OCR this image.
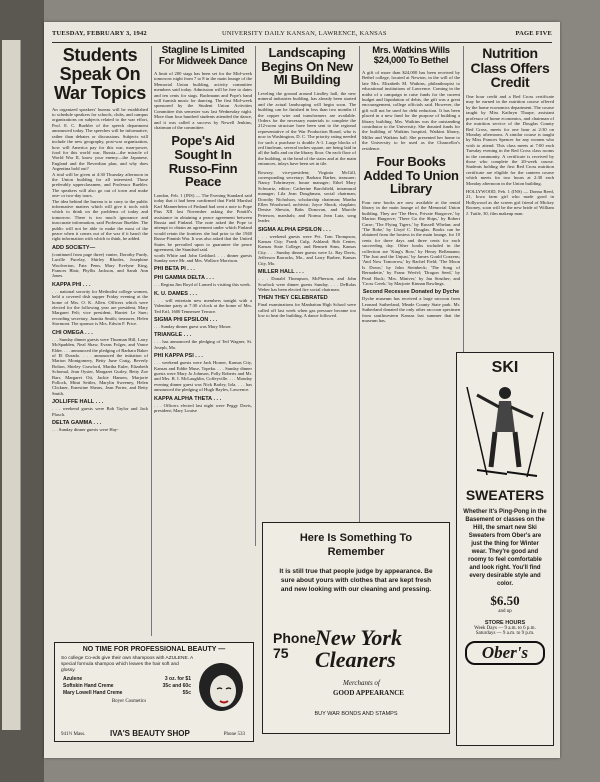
TUESDAY, FEBRUARY 3, 1942	UNIVERSITY DAILY KANSAN, LAWRENCE, KANSAS	PAGE FIVE
Students Speak On War Topics

An organized speakers' bureau will be established to schedule speakers for schools, clubs, and campus organizations on subjects related to the war effort, Prof. E. C. Buehler of the speech department announced today. The speeches will be informative, rather than debates or discussions. Subjects will include the new geography, post-war organization, how will America pay for this war, man-power, food for this world war, Russia—the miracle of World War II, know your enemy—the Japanese, England and the Reverdian plan, and why does Argentina hold out?

A trial will be given at 4:30 Thursday afternoon in the Union building for all interested. Those preferably upperclassmen, and Professor Buehler. The speakers will also go out of town and make one- or two-day tours.

The idea behind the bureau is to carry to the public informative matters which will give it tools with which to think on the problems of today and tomorrow. There is too much ignorance and inaccurate information, said Professor Buehler. The public will not be able to make the most of the peace when it comes out of the war if it hasn't the right information with which to think, he added.

ADD SOCIETY—

(continued from page three) vanter, Dorothy Purdy, Lucille Pucelay, Shirley Rhodes, Josephine Woolverton, Fata Penn, Mary Evelyne King, Frances Blair, Phyllis Jackson, and Sarah Ann Jones.

KAPPA PHI . . .

. . . national sorority for Methodist college women, held a covered dish supper Friday evening at the home of Mrs. O. K. Allen. Officers which were elected for the following year are president, Mary Margaret Felt; vice president, Harriet Le Suer; recording secretary, Juanita Smith; treasurer, Helen Stormont. The sponsor is Mrs. Edwin F. Price.

CHI OMEGA . . .

. . . Sunday dinner guests were Thurman Hill, Larry McSpadden, Neal Shaw, Evans Folger, and Vance Elder. . . . announced the pledging of Barbara Baker of El Dorado. . . . announced the initiation of Marion Montgomery, Betty June Craig, Beverly Bolton, Shirley Crawford, Martha Euler, Elizabeth Schomal, Jean Oyster, Margaret Gurley, Betty Zoe Barr, Margaret Ott, Jackie Hansen, Marjorie Pollock, Mimi Settles, Marylin Sweeney, Helen Clickner, Ernestine Shears, Jean Porter, and Betty Smith.

JOLLIFFE HALL . . .

. . . weekend guests were Bob Taylor and Jack Plasch.

DELTA GAMMA . . .

. . . Sunday dinner guests were Hay-

Stagline Is Limited For Midweek Dance

A limit of 200 stags has been set for the Mid-week tomorrow night from 7 to 8 in the main lounge of the Memorial Union building, activity committee members said today. Admission will be free to dates and ten cents for stags. Bachmann and Pope's band will furnish music for dancing. The first Mid-week sponsored by the Student Union Activities Committee this semester was last Wednesday night. More than four hundred students attended the dance, and it was called a success by Newell Jenkins, chairman of the committee.

Pope's Aid Sought In Russo-Finn Peace

London, Feb. 1 (INS) — The Evening Standard said today that it had been confirmed that Field Marshal Karl Mannerheim of Finland had sent a note to Pope Pius XII last November asking the Pontiff's assistance in obtaining a peace agreement between Russia and Finland. The note asked the Pope to attempt to obtain an agreement under which Finland would retain the frontiers she had prior to the 1940 Russo-Finnish War. It was also asked that the United States be prevailed upon to guarantee the peace agreement, the Standard said.

worth White and John Geddard. . . . dinner guests Sunday were Mr. and Mrs. Wallace Morrison.

PHI BETA PI . . .
PHI GAMMA DELTA . . .

. . . Regina Jim Boyd of Larned is visiting this week.

K. U. DAMES . . .

. . . will entertain new members tonight with a Valentine party at 7:30 o'clock at the home of Mrs. Ted Ertl, 1600 Tennessee Terrace.

SIGMA PHI EPSILON . . .

. . . Sunday dinner guest was Mary Moser.

TRIANGLE . . .

. . . has announced the pledging of Ted Wagner, St. Joseph, Mo.

PHI KAPPA PSI . . .

. . . weekend guests were Jack Horner, Kansas City, Kansas and Eddie Muse, Topeka. . . . Sunday dinner guests were Mary Jo Johnson, Polly Roberts and Mr. and Mrs. R. I. McLaughlin, Coffeyville. . . . Monday evening dinner guest was Nick Barley, Iola. . . . has announced the pledging of Hugh Bayles, Lawrence.

KAPPA ALPHA THETA . . .

. . . Officers elected last night were Peggy Davis, president; Mary Louise

Landscaping Begins On New MI Building

Leveling the ground around Lindley hall, the new mineral industries building, has already been started and the actual landscaping will begin soon. The building can be finished in less than two months if the copper wire and transformers are available. Orders for the necessary materials to complete the 212-room structure have been sent to the regional representative of the War Production Board, who is now in Washington, D. C. The priority rating needed for such a purchase is double A-1. Large blocks of red linoleum, several inches square, are being laid in all the halls and on the library floor. On each floor of the building, at the head of the stairs and at the main entrances, inlays have been set in tile.

Rowsey, vice-president; Virginia McGill, corresponding secretary; Barbara Barber, treasurer; Nancy Tobrimeyer, house manager; Ethel Mary Schwartz, editor; Catherine Burchfield, intramural manager; Lila Jean Doughman, social chairman; Dorothy Nicholson, scholarship chairman; Martha Ellen Woodward, archivist; Joyce Shook, chaplain; Denise Shewin, Babs Donovan, and Marcile Peterson, marshals; and Norma Jean Lutz, song leader.

SIGMA ALPHA EPSILON . . .

. . . weekend guests were Pvt. Tom Thompson, Kansas City; Frank Culp, Ashland; Bob Center, Kansas State College; and Bennett Sims, Kansas City. . . . Sunday dinner guests were Lt. Ray Davis, Jefferson Barracks, Mo., and Larry Barbee, Kansas City, Mo.

MILLER HALL . . .

. . . Donald Thompson, McPherson, and John Scurlock were dinner guests Sunday. . . . DeRolas Weber has been elected fire social chairman.

THEN THEY CELEBRATED

Final examinations for Manhattan High School were called off last week when gas pressure became too low to heat the building. A dance followed.

Mrs. Watkins Wills $24,000 To Bethel

A gift of more than $24,000 has been received by Bethel college, located at Newton, in the will of the late Mrs. Elizabeth M. Watkins, philanthropist to educational institutions of Lawrence. Coming in the midst of a campaign to raise funds for the current budget and liquidation of debts, the gift was a great encouragement, college officials said. However, the gift will not be used for debt reduction. It has been placed in a new fund for the purpose of building a library building. Mrs. Watkins was the outstanding contributor to the University. She donated funds for the building of Watkins hospital, Watkins library, Miller and Watkins hall. She presented her home to the University to be used as the Chancellor's residence.

Four Books Added To Union Library

Four new books are now available at the rental library in the main lounge of the Memorial Union building. They are 'The Hero, Private Hargrove,' by Marion Hargrove; 'There Go the Ships,' by Robert Carse; 'The Flying Tigers,' by Russell Whelan; and 'The Robe,' by Lloyd C. Douglas. Books can be obtained from the hostess in the main lounge, for 10 cents for three days and three cents for each succeeding day. Other books included in the collection are 'King's Row,' by Henry Bellamann; 'The Just and the Unjust,' by James Gould Cozzens; 'And Now Tomorrow,' by Rachel Field; 'The Moon Is Down,' by John Steinbeck; 'The Song of Bernadette,' by Franz Werfel; 'Dragon Seed,' by Pearl Buck; 'Mrs. Miniver,' by Jan Struther; and 'Cross Creek,' by Marjorie Kinnan Rawlings.

Second Recessee Donated by Dyche

Dyche museum has received a large raccoon from Leonard Sutherland, Meade County State park. Mr. Sutherland donated the only other raccoon specimen from southwestern Kansas last summer that the museum has.

Nutrition Class Offers Credit

One hour credit and a Red Cross certificate may be earned in the nutrition course offered by the home economics department. The course taught by Miss Kathryn Tharpe, assistant professor of home economics, and chairman of the nutrition service of the Douglas County Red Cross, meets for one hour at 2:30 on Monday afternoons. A similar course is taught by Miss Frances Spencer for any women who wish to attend. This class meets at 7:00 each Tuesday evening in the Red Cross class rooms in the community. A certificate is received by those who complete the 20-week course. Students holding the first Red Cross nutrition certificate are eligible for the canteen course which meets for two hours at 2:30 each Monday afternoon in the Union building.

HOLLYWOOD, Feb. 1 (INS) — Donna Reed, 21, Iowa farm girl who made good in Hollywood as the screen girl friend of Mickey Rooney, soon will be the new bride of William J. Tuttle, 30, film makeup man.

SKI
SWEATERS

Whether It's Ping-Pong in the Basement or classes on the Hill, the smart new Ski Sweaters from Ober's are just the thing for Winter wear. They're good and roomy to feel comfortable and look right. You'll find every desirable style and color.

$6.50
and up
STORE HOURS
Week Days — 9 a.m. to 6 p.m.
Saturdays — 9 a.m. to 9 p.m.
Ober's
Here Is Something To Remember

It is still true that people judge by appearance. Be sure about yours with clothes that are kept fresh and new looking with our cleaning and pressing.

Phone 75
New York Cleaners
Merchants of
GOOD APPEARANCE
BUY WAR BONDS AND STAMPS
NO TIME FOR PROFESSIONAL BEAUTY —

So college Co-eds give their own shampoos with AZULENE. A special formula shampoo which leaves the hair soft and glossy.

Azulene	3 oz. for $1
Softskin Hand Creme	35c and 60c
Mary Lowell Hand Creme	55c
Boyer Cosmetics
941½ Mass.	IVA'S BEAUTY SHOP	Phone 533
